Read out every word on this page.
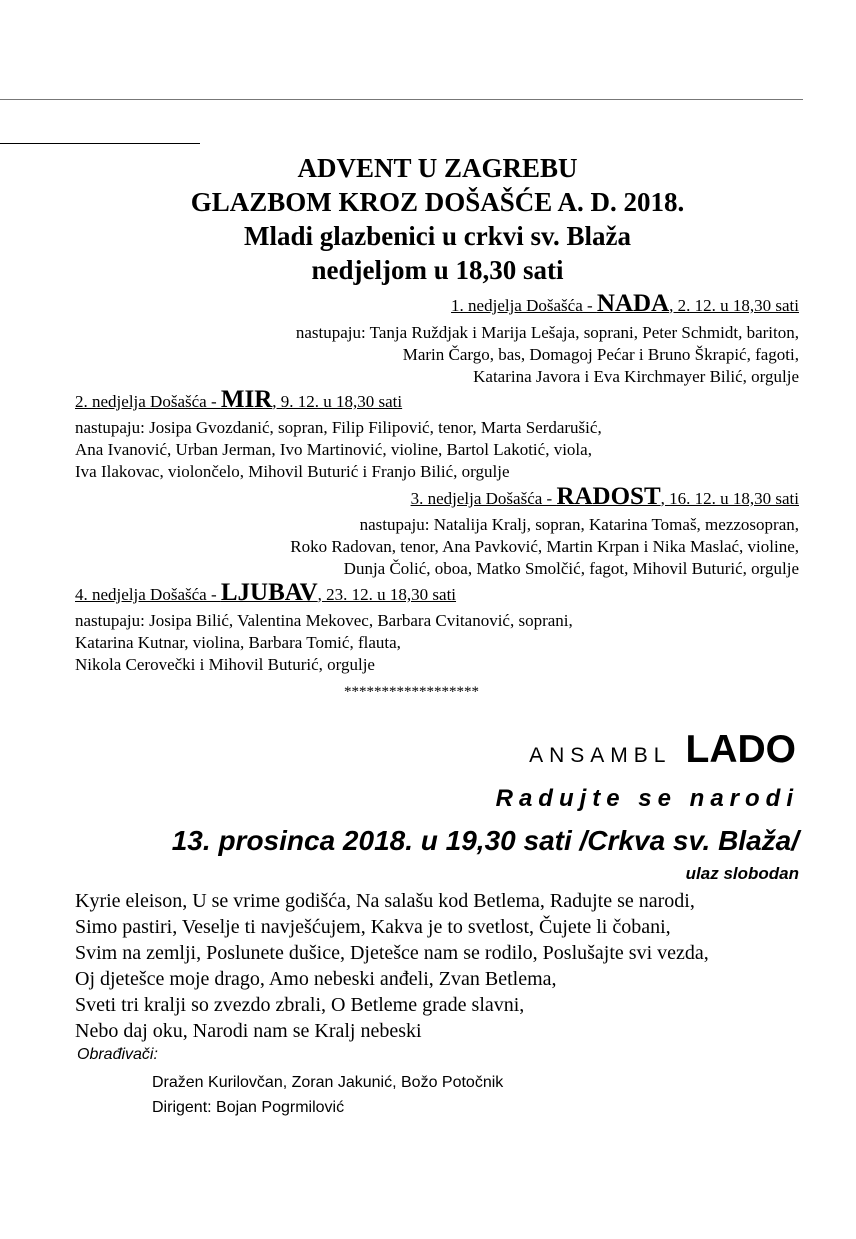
ADVENT U ZAGREBU
GLAZBOM KROZ DOŠAŠĆE A. D. 2018.
Mladi glazbenici u crkvi sv. Blaža
nedjeljom u 18,30 sati
1. nedjelja Došašća - NADA, 2. 12. u 18,30 sati
nastupaju: Tanja Ruždjak i Marija Lešaja, soprani, Peter Schmidt, bariton,
Marin Čargo, bas, Domagoj Pećar i Bruno Škrapić, fagoti,
Katarina Javora i Eva Kirchmayer Bilić, orgulje
2. nedjelja Došašća - MIR, 9. 12. u 18,30 sati
nastupaju: Josipa Gvozdanić, sopran, Filip Filipović, tenor, Marta Serdarušić,
Ana Ivanović, Urban Jerman, Ivo Martinović, violine, Bartol Lakotić, viola,
Iva Ilakovac, violončelo, Mihovil Buturić i Franjo Bilić, orgulje
3. nedjelja Došašća - RADOST, 16. 12. u 18,30 sati
nastupaju: Natalija Kralj, sopran, Katarina Tomaš, mezzosopran,
Roko Radovan, tenor, Ana Pavković, Martin Krpan i Nika Maslać, violine,
Dunja Čolić, oboa, Matko Smolčić, fagot, Mihovil Buturić, orgulje
4. nedjelja Došašća - LJUBAV, 23. 12. u 18,30 sati
nastupaju: Josipa Bilić, Valentina Mekovec, Barbara Cvitanović, soprani,
Katarina Kutnar, violina, Barbara Tomić, flauta,
Nikola Cerovečki i Mihovil Buturić, orgulje
******************
ANSAMBL LADO
Radujte se narodi
13. prosinca 2018. u 19,30 sati /Crkva sv. Blaža/
ulaz slobodan
Kyrie eleison, U se vrime godišća, Na salašu kod Betlema, Radujte se narodi,
Simo pastiri, Veselje ti navješćujem, Kakva je to svetlost, Čujete li čobani,
Svim na zemlji, Poslunete dušice, Djetešce nam se rodilo, Poslušajte svi vezda,
Oj djetešce moje drago, Amo nebeski anđeli, Zvan Betlema,
Sveti tri kralji so zvezdo zbrali, O Betleme grade slavni,
Nebo daj oku, Narodi nam se Kralj nebeski
Obrađivači:
Dražen Kurilovčan, Zoran Jakunić, Božo Potočnik
Dirigent: Bojan Pogrmilović
